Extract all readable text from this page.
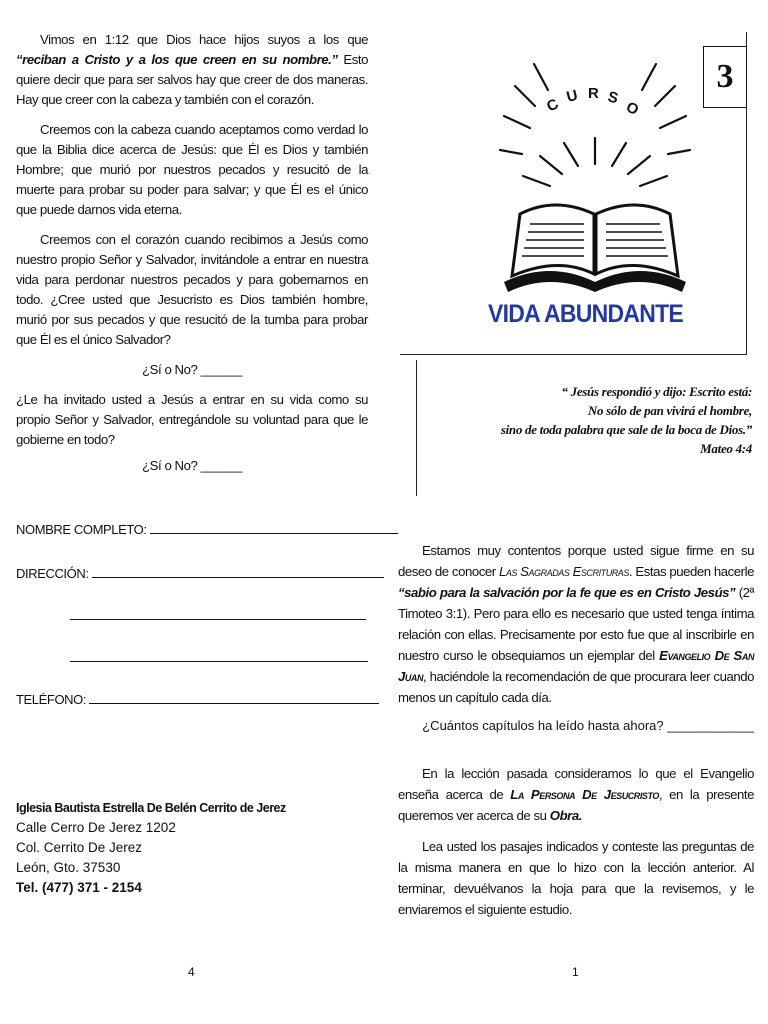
Vimos en 1:12 que Dios hace hijos suyos a los que “reciban a Cristo y a los que creen en su nombre.” Esto quiere decir que para ser salvos hay que creer de dos maneras. Hay que creer con la cabeza y también con el corazón.

Creemos con la cabeza cuando aceptamos como verdad lo que la Biblia dice acerca de Jesús: que Él es Dios y también Hombre; que murió por nuestros pecados y resucitó de la muerte para probar su poder para salvar; y que Él es el único que puede darnos vida eterna.

Creemos con el corazón cuando recibimos a Jesús como nuestro propio Señor y Salvador, invitándole a entrar en nuestra vida para perdonar nuestros pecados y para gobernarnos en todo. ¿Cree usted que Jesucristo es Dios también hombre, murió por sus pecados y que resucitó de la tumba para probar que Él es el único Salvador?

¿Sí o No? ______

¿Le ha invitado usted a Jesús a entrar en su vida como su propio Señor y Salvador, entregándole su voluntad para que le gobierne en todo?

¿Sí o No? ______

NOMBRE COMPLETO:
DIRECCIÓN:
TELÉFONO:
Iglesia Bautista Estrella De Belén Cerrito de Jerez
Calle Cerro De Jerez 1202
Col. Cerrito De Jerez
León, Gto. 37530
Tel. (477) 371 - 2154
4	1
3
C U R S
O
VIDA ABUNDANTE
“ Jesús respondió y dijo: Escrito está:
No sólo de pan vivirá el hombre,
sino de toda palabra que sale de la boca de Dios.”
Mateo 4:4

Estamos muy contentos porque usted sigue firme en su deseo de conocer Las Sagradas Escrituras. Estas pueden hacerle “sabio para la salvación por la fe que es en Cristo Jesús” (2ª Timoteo 3:1). Pero para ello es necesario que usted tenga íntima relación con ellas. Precisamente por esto fue que al inscribirle en nuestro curso le obsequiamos un ejemplar del Evangelio De San Juan, haciéndole la recomendación de que procurara leer cuando menos un capítulo cada día.

¿Cuántos capítulos ha leído hasta ahora? ____________

En la lección pasada consideramos lo que el Evangelio enseña acerca de La Persona De Jesucristo, en la presente queremos ver acerca de su Obra.

Lea usted los pasajes indicados y conteste las preguntas de la misma manera en que lo hizo con la lección anterior. Al terminar, devuélvanos la hoja para que la revisemos, y le enviaremos el siguiente estudio.
